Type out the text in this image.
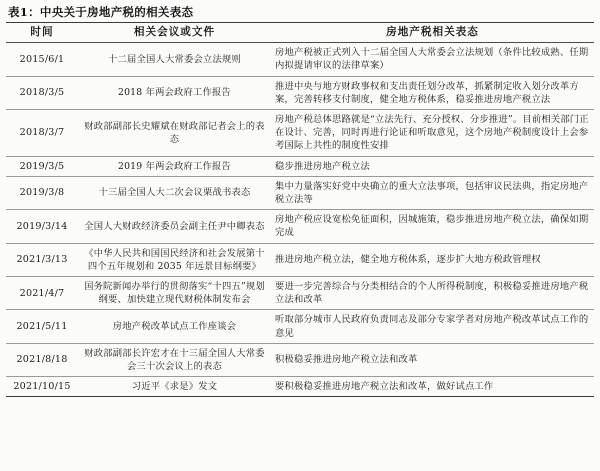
表1：中央关于房地产税的相关表态
时间	相关会议或文件	房地产税相关表态
2015/6/1	十二届全国人大常委会立法规则	房地产税被正式列入十二届全国人大常委会立法规划（条件比较成熟、任期内拟提请审议的法律草案）
2018/3/5	2018 年两会政府工作报告	推进中央与地方财政事权和支出责任划分改革，抓紧制定收入划分改革方案，完善转移支付制度，健全地方税体系，稳妥推进房地产税立法
2018/3/7	财政部副部长史耀斌在财政部记者会上的表态	房地产税总体思路就是“立法先行、充分授权、分步推进”。目前相关部门正在设计、完善，同时再进行论证和听取意见，这个房地产税制度设计上会参考国际上共性的制度性安排
2019/3/5	2019 年两会政府工作报告	稳步推进房地产税立法
2019/3/8	十三届全国人大二次会议栗战书表态	集中力量落实好党中央确立的重大立法事项，包括审议民法典，指定房地产税立法等
2019/3/14	全国人大财政经济委员会副主任尹中卿表态	房地产税应设宽松免征面积，因城施策，稳步推进房地产税立法，确保如期完成
2021/3/13	《中华人民共和国国民经济和社会发展第十四个五年规划和 2035 年远景目标纲要》	推进房地产税立法，健全地方税体系，逐步扩大地方税政管理权
2021/4/7	国务院新闻办举行的贯彻落实“十四五”规划纲要、加快建立现代财税体制发布会	要进一步完善综合与分类相结合的个人所得税制度，积极稳妥推进房地产税立法和改革
2021/5/11	房地产税改革试点工作座谈会	听取部分城市人民政府负责同志及部分专家学者对房地产税改革试点工作的意见
2021/8/18	财政部副部长许宏才在十三届全国人大常委会三十次会议上的表态	积极稳妥推进房地产税立法和改革
2021/10/15	习近平《求是》发文	要积极稳妥推进房地产税立法和改革，做好试点工作
